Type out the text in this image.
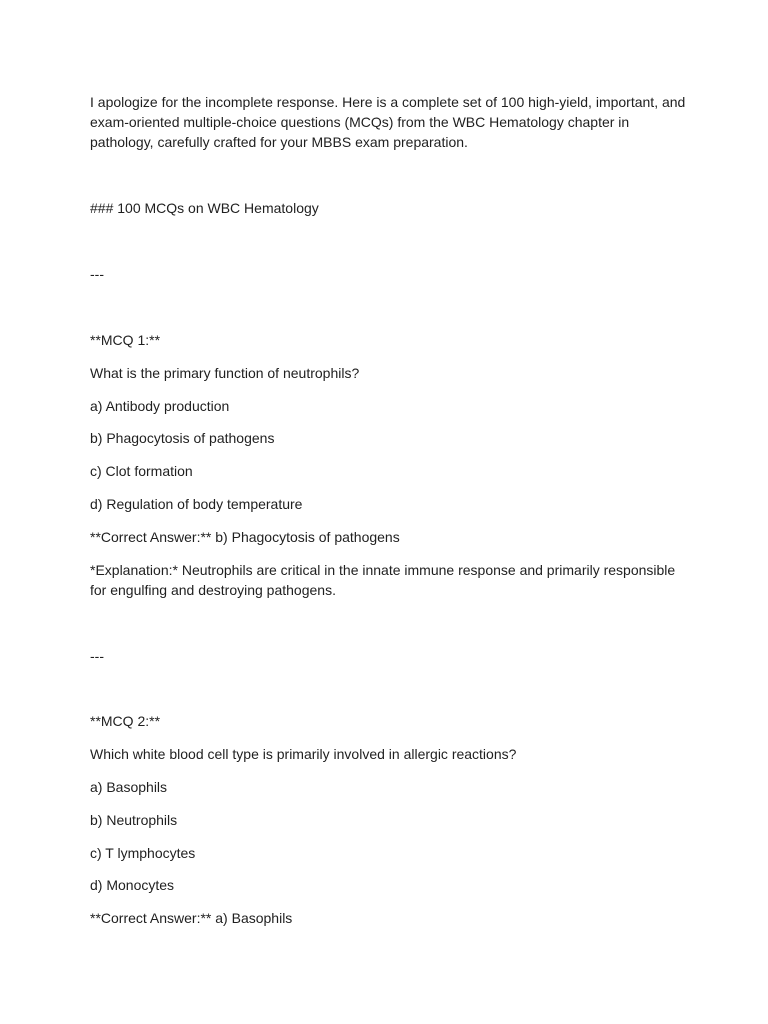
I apologize for the incomplete response. Here is a complete set of 100 high-yield, important, and

exam-oriented multiple-choice questions (MCQs) from the WBC Hematology chapter in

pathology, carefully crafted for your MBBS exam preparation.

### 100 MCQs on WBC Hematology

---

**MCQ 1:**

What is the primary function of neutrophils?

a) Antibody production

b) Phagocytosis of pathogens

c) Clot formation

d) Regulation of body temperature

**Correct Answer:** b) Phagocytosis of pathogens

*Explanation:* Neutrophils are critical in the innate immune response and primarily responsible

for engulfing and destroying pathogens.

---

**MCQ 2:**

Which white blood cell type is primarily involved in allergic reactions?

a) Basophils

b) Neutrophils

c) T lymphocytes

d) Monocytes

**Correct Answer:** a) Basophils
